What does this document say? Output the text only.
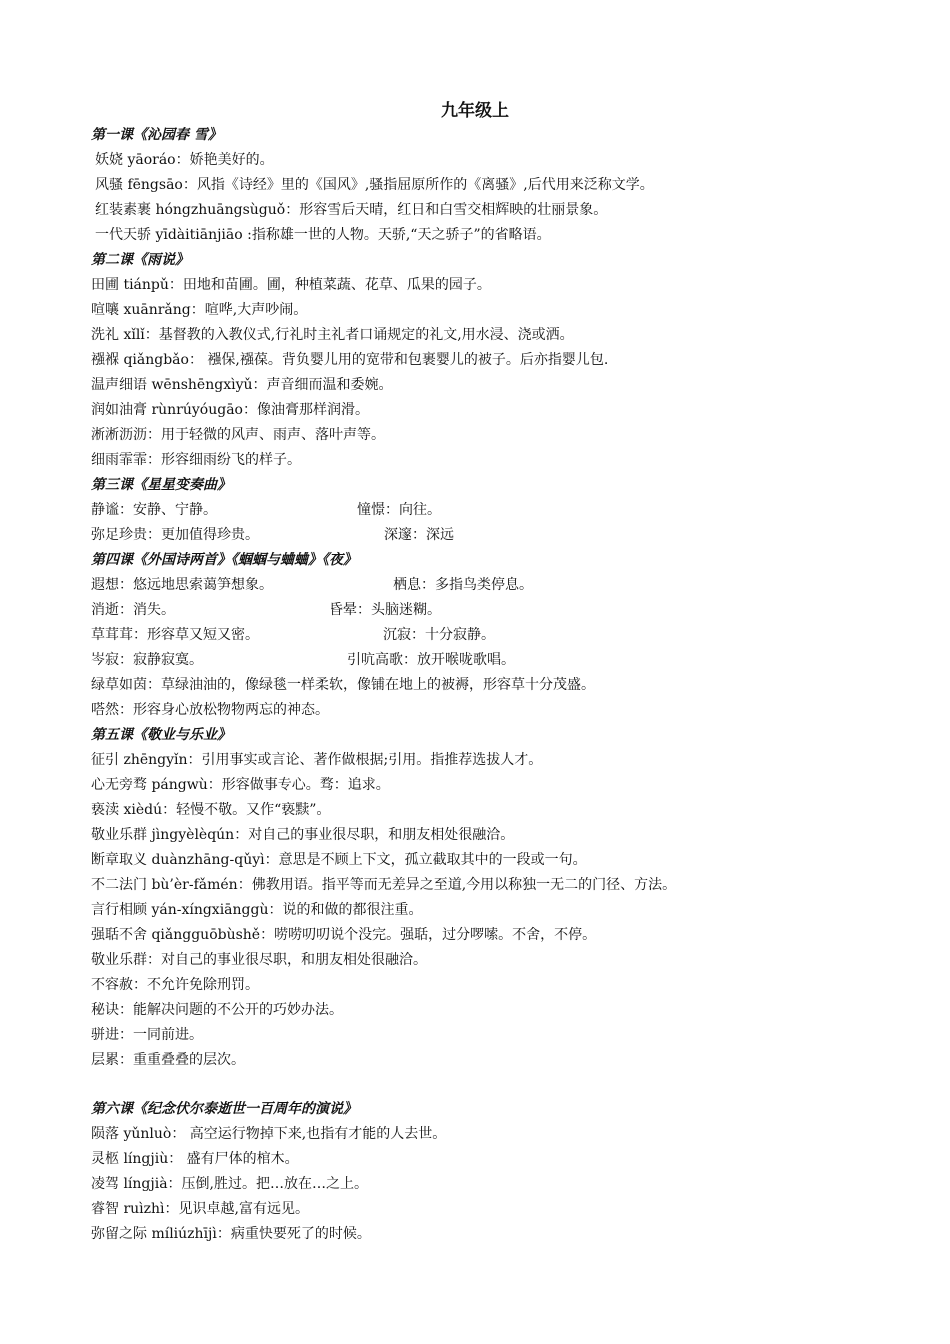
九年级上
第一课《沁园春 雪》
妖娆 yāoráo：娇艳美好的。
风骚 fēngsāo：风指《诗经》里的《国风》,骚指屈原所作的《离骚》,后代用来泛称文学。
红装素裹 hóngzhuāngsùguǒ：形容雪后天晴，红日和白雪交相辉映的壮丽景象。
一代天骄 yīdàitiānjiāo :指称雄一世的人物。天骄,“天之骄子”的省略语。
第二课《雨说》
田圃 tiánpǔ：田地和苗圃。圃，种植菜蔬、花草、瓜果的园子。
喧嚷 xuānrǎng：喧哗,大声吵闹。
洗礼 xǐlǐ：基督教的入教仪式,行礼时主礼者口诵规定的礼文,用水浸、浇或洒。
襁褓 qiǎngbǎo： 襁保,襁葆。背负婴儿用的宽带和包裹婴儿的被子。后亦指婴儿包.
温声细语 wēnshēngxìyǔ：声音细而温和委婉。
润如油膏 rùnrúyóugāo：像油膏那样润滑。
淅淅沥沥：用于轻微的风声、雨声、落叶声等。
细雨霏霏：形容细雨纷飞的样子。
第三课《星星变奏曲》
静谧：安静、宁静。	憧憬：向往。
弥足珍贵：更加值得珍贵。	深邃：深远
第四课《外国诗两首》《蝈蝈与蛐蛐》《夜》
遐想：悠远地思索蔼笋想象。	栖息：多指鸟类停息。
消逝：消失。	昏晕：头脑迷糊。
草茸茸：形容草又短又密。	沉寂：十分寂静。
岑寂：寂静寂寞。	引吭高歌：放开喉咙歌唱。
绿草如茵：草绿油油的，像绿毯一样柔软，像铺在地上的被褥，形容草十分茂盛。
嗒然：形容身心放松物物两忘的神态。
第五课《敬业与乐业》
征引 zhēngyǐn：引用事实或言论、著作做根据;引用。指推荐选拔人才。
心无旁骛 pángwù：形容做事专心。骛：追求。
亵渎 xièdú：轻慢不敬。又作“亵黩”。
敬业乐群 jìngyèlèqún：对自己的事业很尽职，和朋友相处很融洽。
断章取义 duànzhāng-qǔyì：意思是不顾上下文，孤立截取其中的一段或一句。
不二法门 bù’èr-fǎmén：佛教用语。指平等而无差异之至道,今用以称独一无二的门径、方法。
言行相顾 yán-xíngxiānggù：说的和做的都很注重。
强聒不舍 qiǎngguōbùshě：唠唠叨叨说个没完。强聒，过分啰嗦。不舍，不停。
敬业乐群：对自己的事业很尽职，和朋友相处很融洽。
不容赦：不允许免除刑罚。
秘诀：能解决问题的不公开的巧妙办法。
骈进：一同前进。
层累：重重叠叠的层次。
第六课《纪念伏尔泰逝世一百周年的演说》
陨落 yǔnluò： 高空运行物掉下来,也指有才能的人去世。
灵柩 língjiù： 盛有尸体的棺木。
凌驾 língjià：压倒,胜过。把…放在…之上。
睿智 ruìzhì：见识卓越,富有远见。
弥留之际 míliúzhījì：病重快要死了的时候。
